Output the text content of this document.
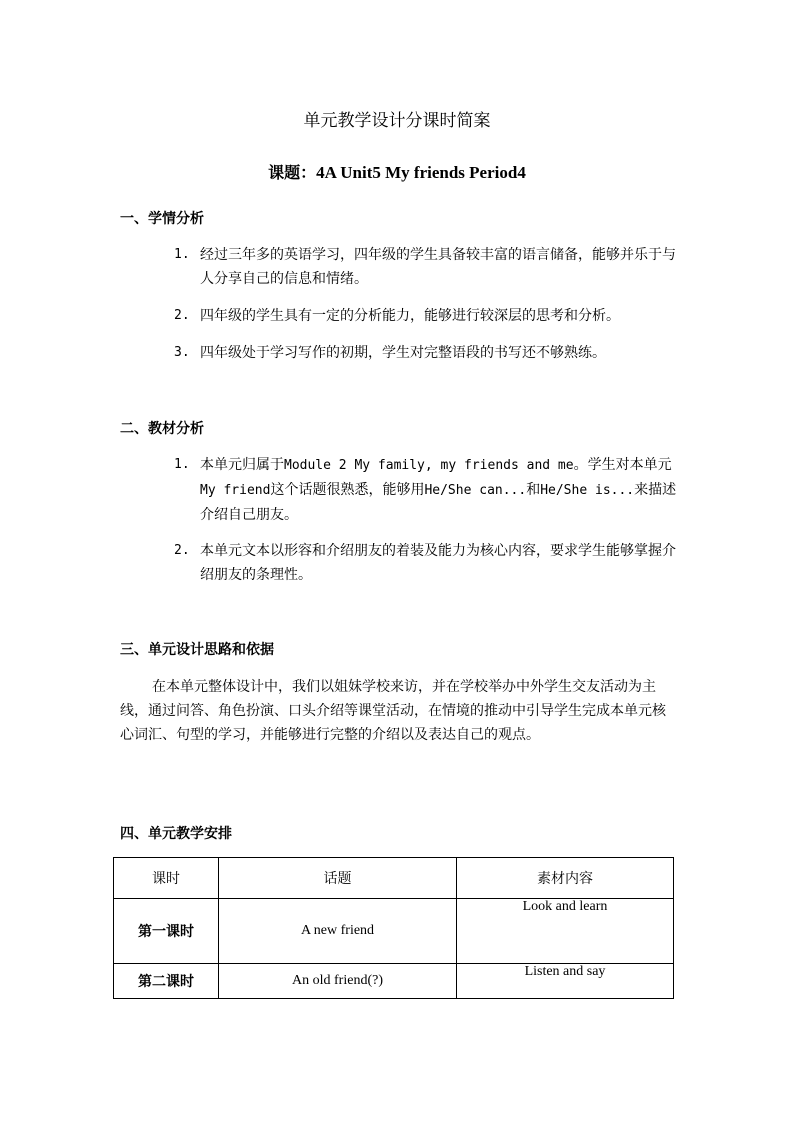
单元教学设计分课时简案
课题：4A Unit5 My friends Period4
一、学情分析
1. 经过三年多的英语学习，四年级的学生具备较丰富的语言储备，能够并乐于与人分享自己的信息和情绪。
2. 四年级的学生具有一定的分析能力，能够进行较深层的思考和分析。
3. 四年级处于学习写作的初期，学生对完整语段的书写还不够熟练。
二、教材分析
1. 本单元归属于Module 2 My family, my friends and me。学生对本单元My friend这个话题很熟悉，能够用He/She can...和He/She is...来描述介绍自己朋友。
2. 本单元文本以形容和介绍朋友的着装及能力为核心内容，要求学生能够掌握介绍朋友的条理性。
三、单元设计思路和依据
在本单元整体设计中，我们以姐妹学校来访，并在学校举办中外学生交友活动为主线，通过问答、角色扮演、口头介绍等课堂活动，在情境的推动中引导学生完成本单元核心词汇、句型的学习，并能够进行完整的介绍以及表达自己的观点。
四、单元教学安排
课时	话题	素材内容
第一课时	A new friend	Look and learn
第二课时	An old friend(?)	Listen and say
